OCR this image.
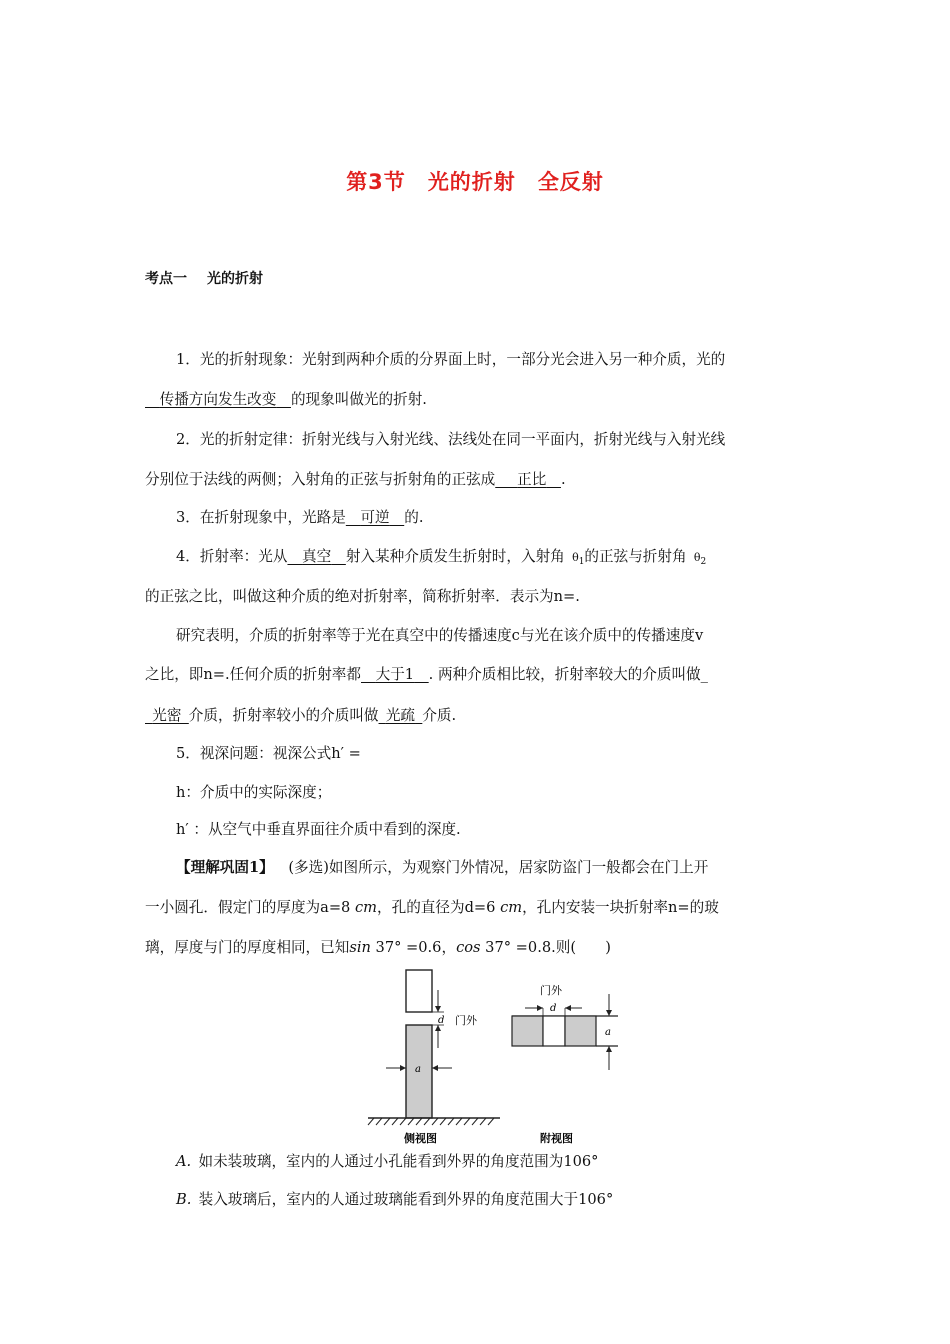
第3节 光的折射 全反射
考点一 光的折射
1．光的折射现象：光射到两种介质的分界面上时，一部分光会进入另一种介质，光的
 传播方向发生改变  的现象叫做光的折射.
2．光的折射定律：折射光线与入射光线、法线处在同一平面内，折射光线与入射光线
分别位于法线的两侧；入射角的正弦与折射角的正弦成   正比  .
3．在折射现象中，光路是  可逆  的.
4．折射率：光从  真空  射入某种介质发生折射时，入射角  $\theta_1$的正弦与折射角  $\theta_2$
的正弦之比，叫做这种介质的绝对折射率，简称折射率．表示为n=.
研究表明，介质的折射率等于光在真空中的传播速度c与光在该介质中的传播速度v
之比，即n=.任何介质的折射率都  大于1  . 两种介质相比较，折射率较大的介质叫做_
 光密  介质，折射率较小的介质叫做  光疏  介质.
5．视深问题：视深公式h′ =
h：介质中的实际深度；
h′ ：从空气中垂直界面往介质中看到的深度.
【理解巩固1】  (多选)如图所示，为观察门外情况，居家防盗门一般都会在门上开
一小圆孔．假定门的厚度为a=8 cm，孔的直径为d=6 cm，孔内安装一块折射率n=的玻
璃，厚度与门的厚度相同，已知sin 37° =0.6，cos 37° =0.8.则(　　)
d 门外
a
门外
d
a
侧视图	附视图
A.  如未装玻璃，室内的人通过小孔能看到外界的角度范围为106°
B.  装入玻璃后，室内的人通过玻璃能看到外界的角度范围大于106°
